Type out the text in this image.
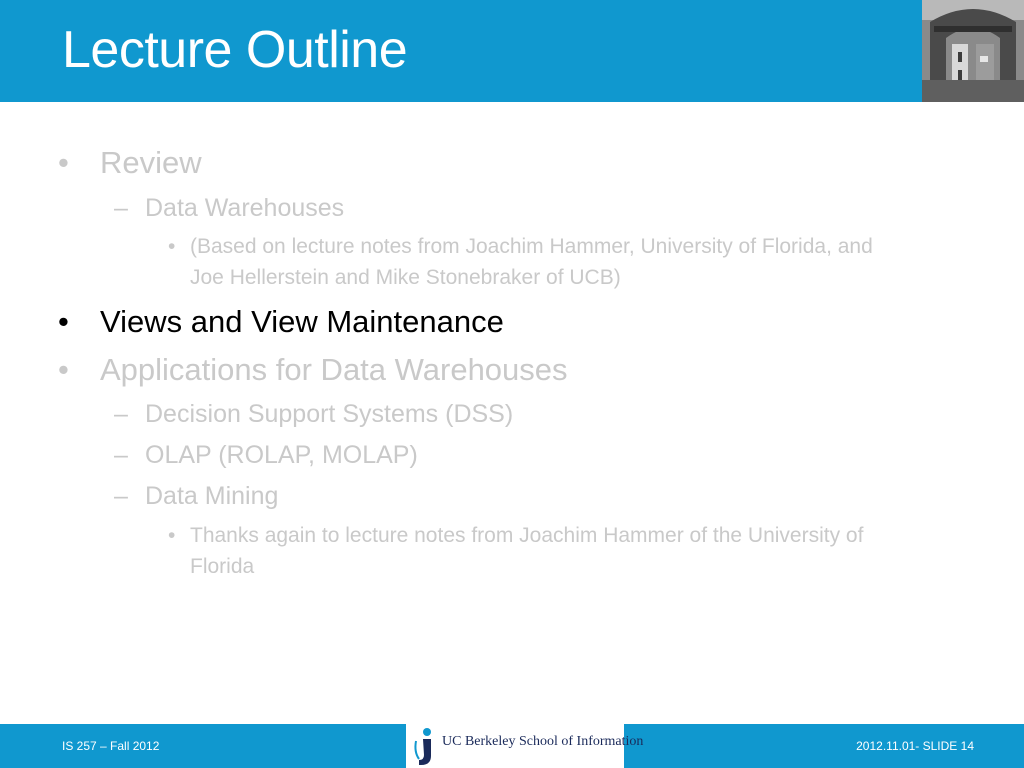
Lecture Outline
• Review
– Data Warehouses
• (Based on lecture notes from Joachim Hammer, University of Florida, and Joe Hellerstein and Mike Stonebraker of UCB)
• Views and View Maintenance
• Applications for Data Warehouses
– Decision Support Systems (DSS)
– OLAP (ROLAP, MOLAP)
– Data Mining
• Thanks again to lecture notes from Joachim Hammer of the University of Florida
IS 257 – Fall 2012	UC Berkeley School of Information	2012.11.01- SLIDE 14
